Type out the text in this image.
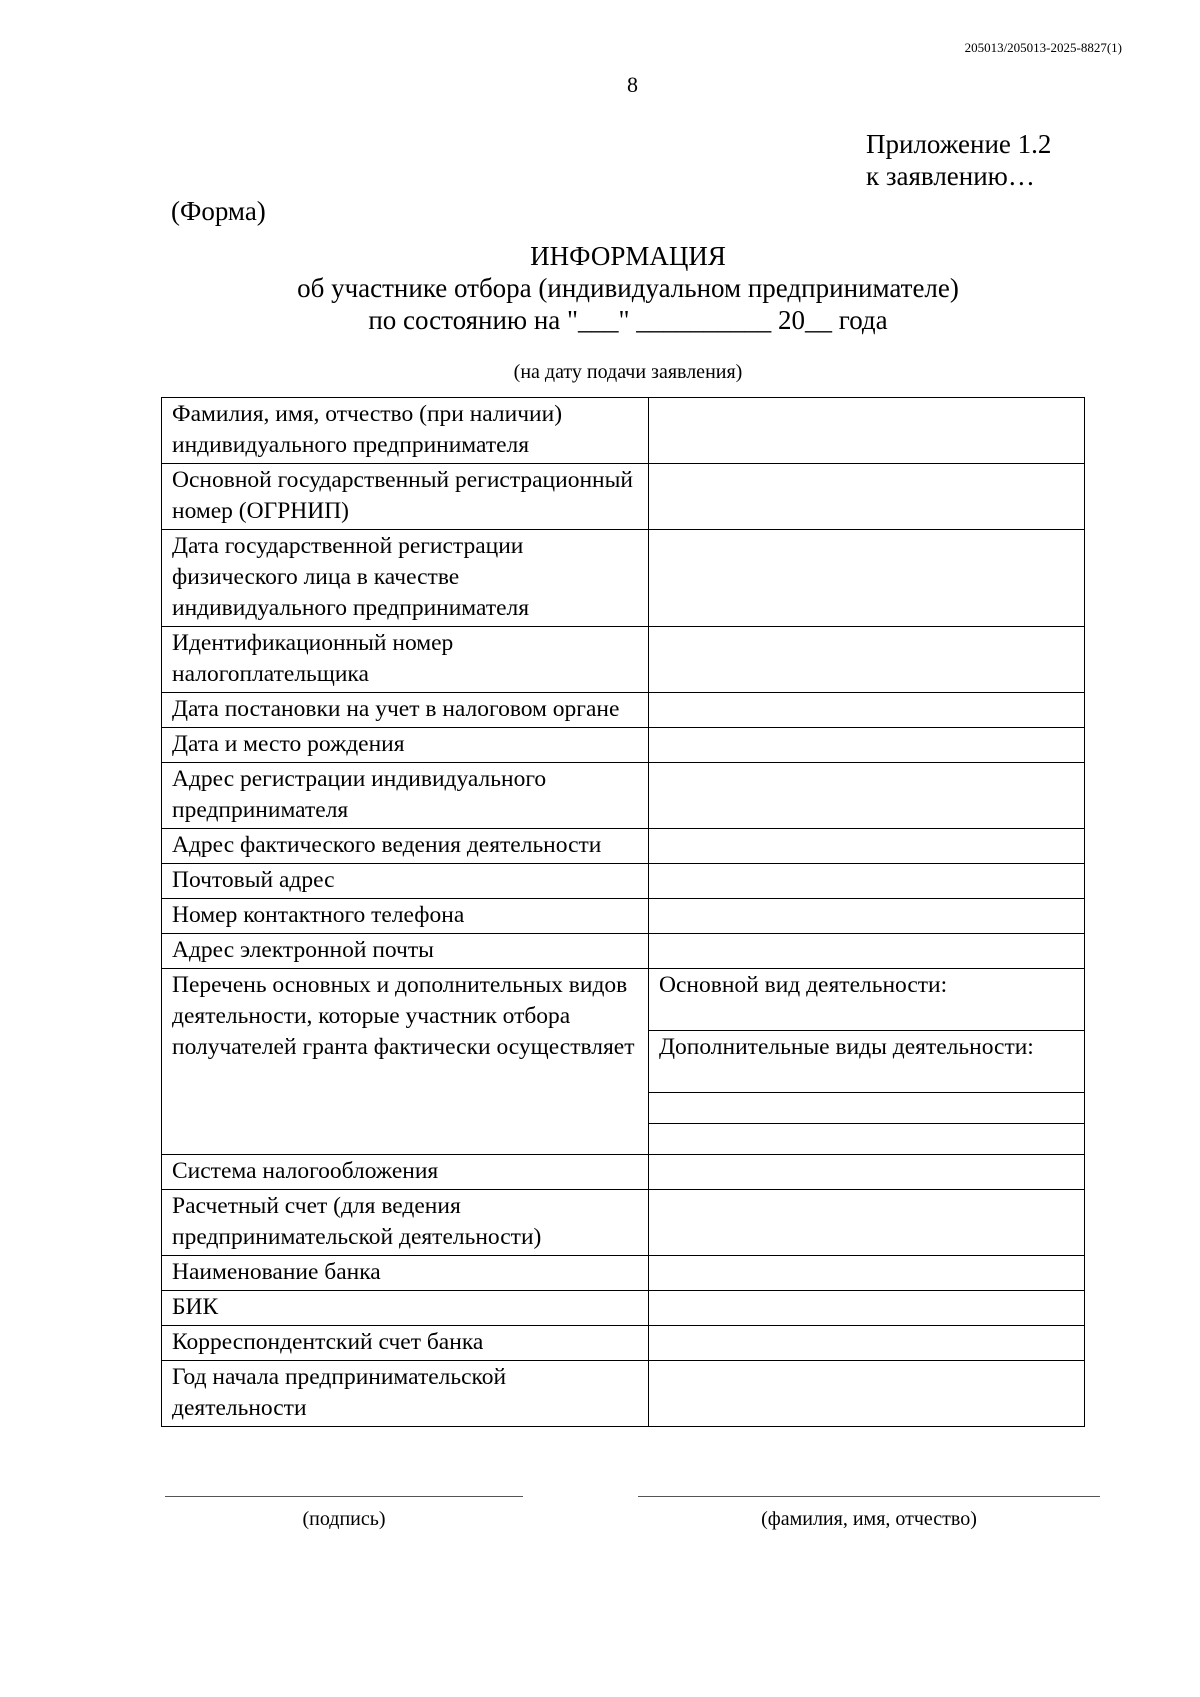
205013/205013-2025-8827(1)
8
Приложение 1.2
к заявлению…
(Форма)
ИНФОРМАЦИЯ
об участнике отбора (индивидуальном предпринимателе)
по состоянию на "___" __________ 20__ года
(на дату подачи заявления)
Фамилия, имя, отчество (при наличии) индивидуального предпринимателя	
Основной государственный регистрационный номер (ОГРНИП)	
Дата государственной регистрации физического лица в качестве индивидуального предпринимателя	
Идентификационный номер налогоплательщика	
Дата постановки на учет в налоговом органе	
Дата и место рождения	
Адрес регистрации индивидуального предпринимателя	
Адрес фактического ведения деятельности	
Почтовый адрес	
Номер контактного телефона	
Адрес электронной почты	
Перечень основных и дополнительных видов деятельности, которые участник отбора получателей гранта фактически осуществляет	Основной вид деятельности:
	Дополнительные виды деятельности:

Система налогообложения	
Расчетный счет (для ведения предпринимательской деятельности)	
Наименование банка	
БИК	
Корреспондентский счет банка	
Год начала предпринимательской деятельности	
(подпись)	(фамилия, имя, отчество)
